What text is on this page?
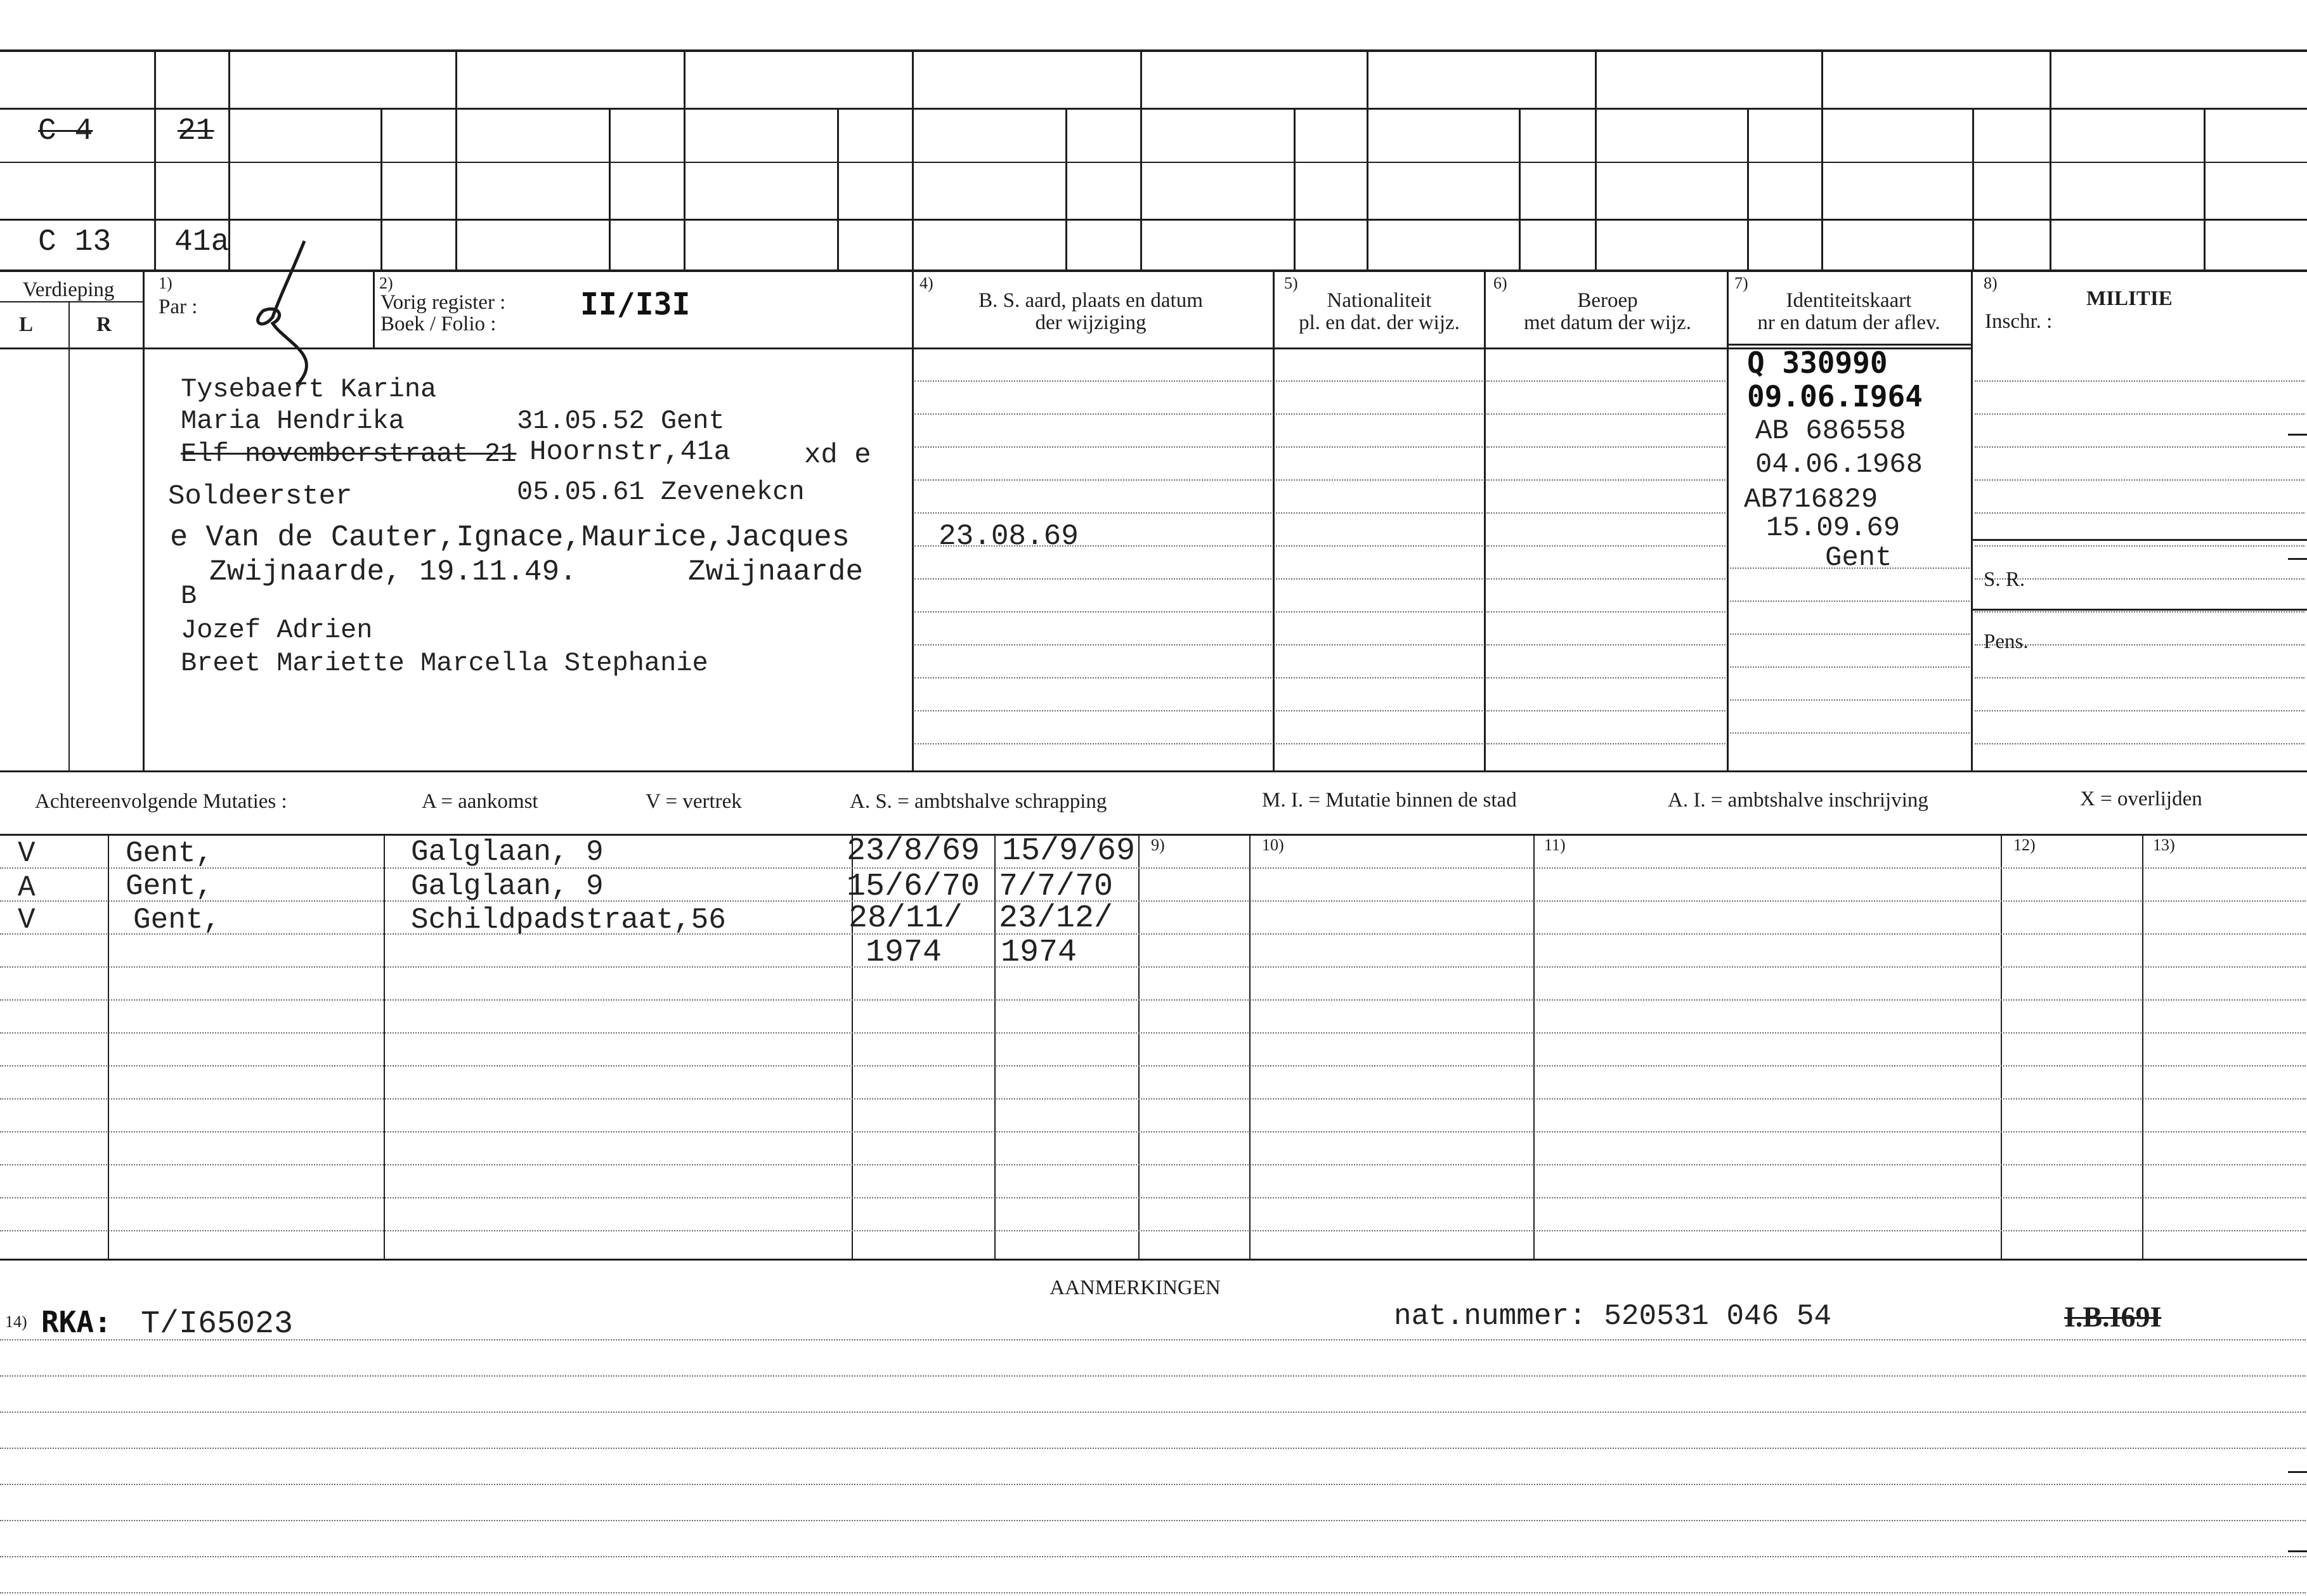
C 4	21
C 13 41a
Verdieping
L	R
1)
Par :
2)
Vorig register : II/I3I
Boek / Folio :
4)
B. S. aard, plaats en datum
der wijziging
5)
Nationaliteit
pl. en dat. der wijz.
6)
Beroep
met datum der wijz.
7)
Identiteitskaart
nr en datum der aflev.
8)
MILITIE
Inschr. :
S. R.
Pens.
Tysebaert Karina
Maria Hendrika	31.05.52 Gent
Elf novemberstraat 21 Hoornstr,41a	xd e
Soldeerster	05.05.61 Zevenekcn
e Van de Cauter,Ignace,Maurice,Jacques
Zwijnaarde, 19.11.49.	Zwijnaarde
B
Jozef Adrien
Breet Mariette Marcella Stephanie
23.08.69
Q 330990
09.06.I964
AB 686558
04.06.1968
AB716829
15.09.69
Gent
Achtereenvolgende Mutaties :	A = aankomst	V = vertrek	A. S. = ambtshalve schrapping	M. I. = Mutatie binnen de stad	A. I. = ambtshalve inschrijving	X = overlijden
9)	10)	11)	12)	13)
V	Gent,	Galglaan, 9	23/8/69 15/9/69
A	Gent,	Galglaan, 9	15/6/70 7/7/70
V	Gent,	Schildpadstraat,56	28/11/ 23/12/
1974 1974
AANMERKINGEN
14) RKA: T/I65023	nat.nummer: 520531 046 54	I.B.I69I
